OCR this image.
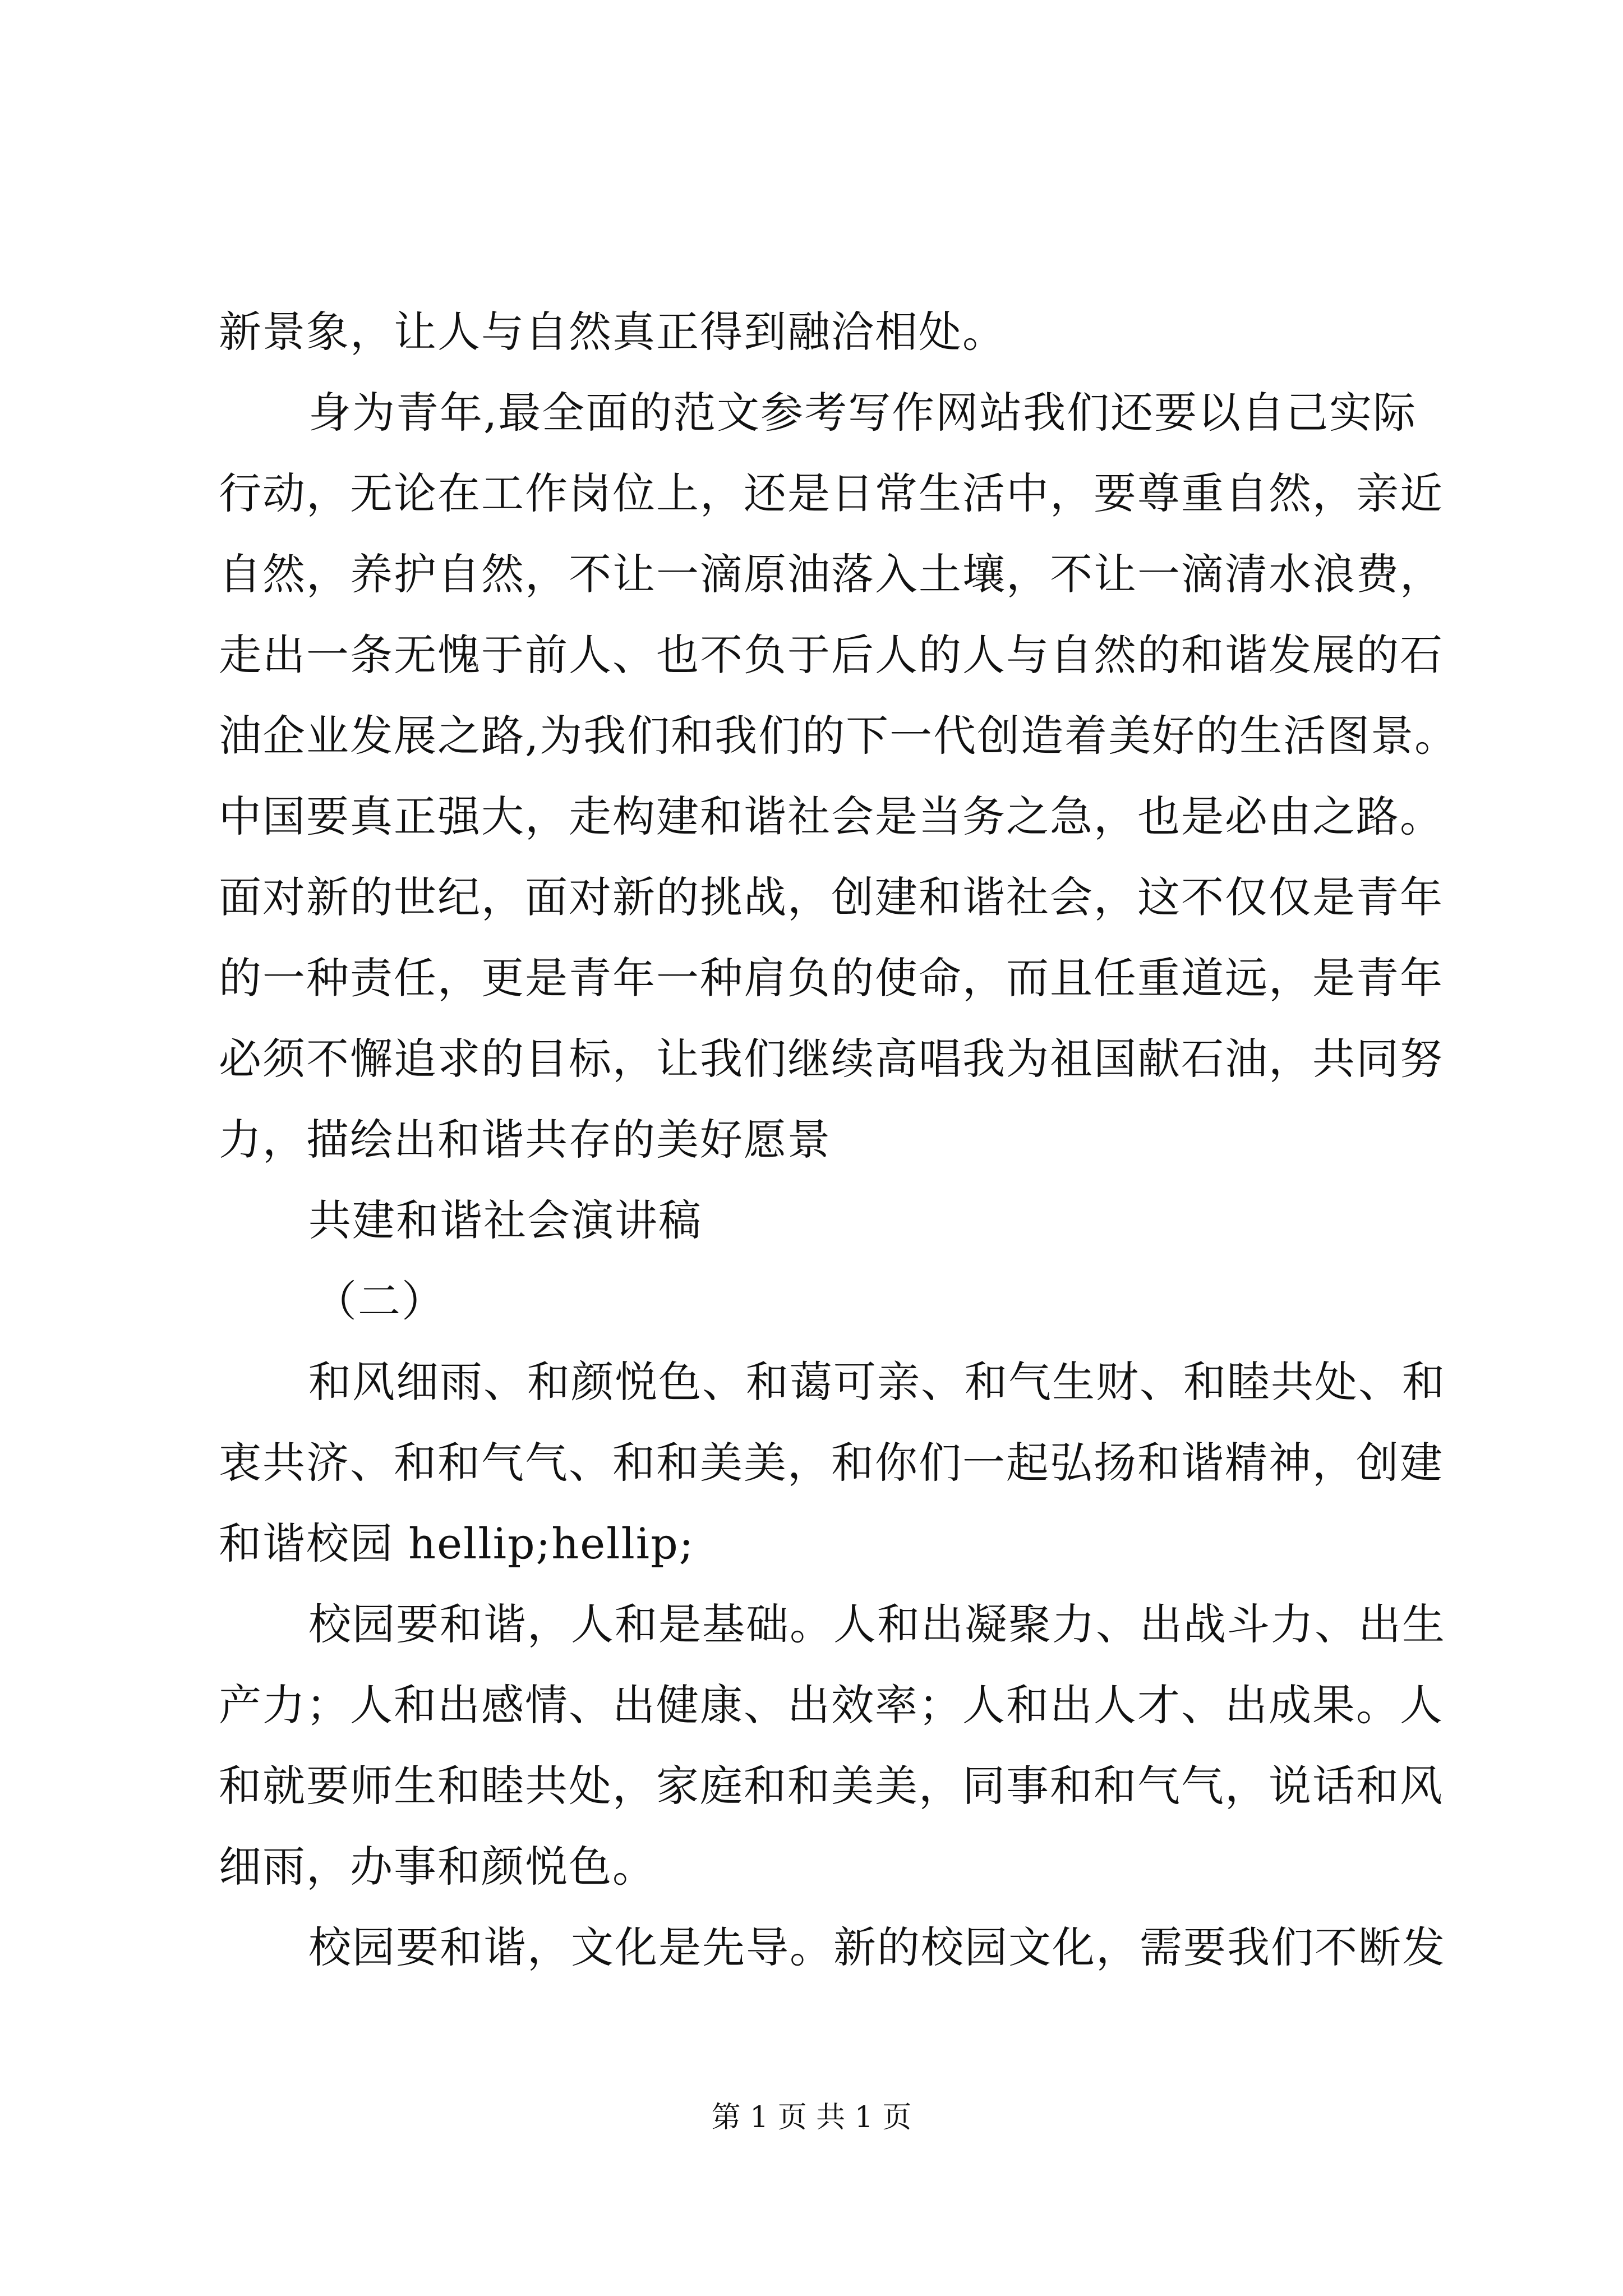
新景象，让人与自然真正得到融洽相处。
身为青年,最全面的范文参考写作网站我们还要以自己实际
行动，无论在工作岗位上，还是日常生活中，要尊重自然，亲近
自然，养护自然，不让一滴原油落入土壤，不让一滴清水浪费，
走出一条无愧于前人、也不负于后人的人与自然的和谐发展的石
油企业发展之路,为我们和我们的下一代创造着美好的生活图景。
中国要真正强大，走构建和谐社会是当务之急，也是必由之路。
面对新的世纪，面对新的挑战，创建和谐社会，这不仅仅是青年
的一种责任，更是青年一种肩负的使命，而且任重道远，是青年
必须不懈追求的目标，让我们继续高唱我为祖国献石油，共同努
力，描绘出和谐共存的美好愿景
共建和谐社会演讲稿
（二）
和风细雨、和颜悦色、和蔼可亲、和气生财、和睦共处、和
衷共济、和和气气、和和美美，和你们一起弘扬和谐精神，创建
和谐校园 hellip;hellip;
校园要和谐，人和是基础。人和出凝聚力、出战斗力、出生
产力；人和出感情、出健康、出效率；人和出人才、出成果。人
和就要师生和睦共处，家庭和和美美，同事和和气气，说话和风
细雨，办事和颜悦色。
校园要和谐，文化是先导。新的校园文化，需要我们不断发
第 1 页 共 1 页
